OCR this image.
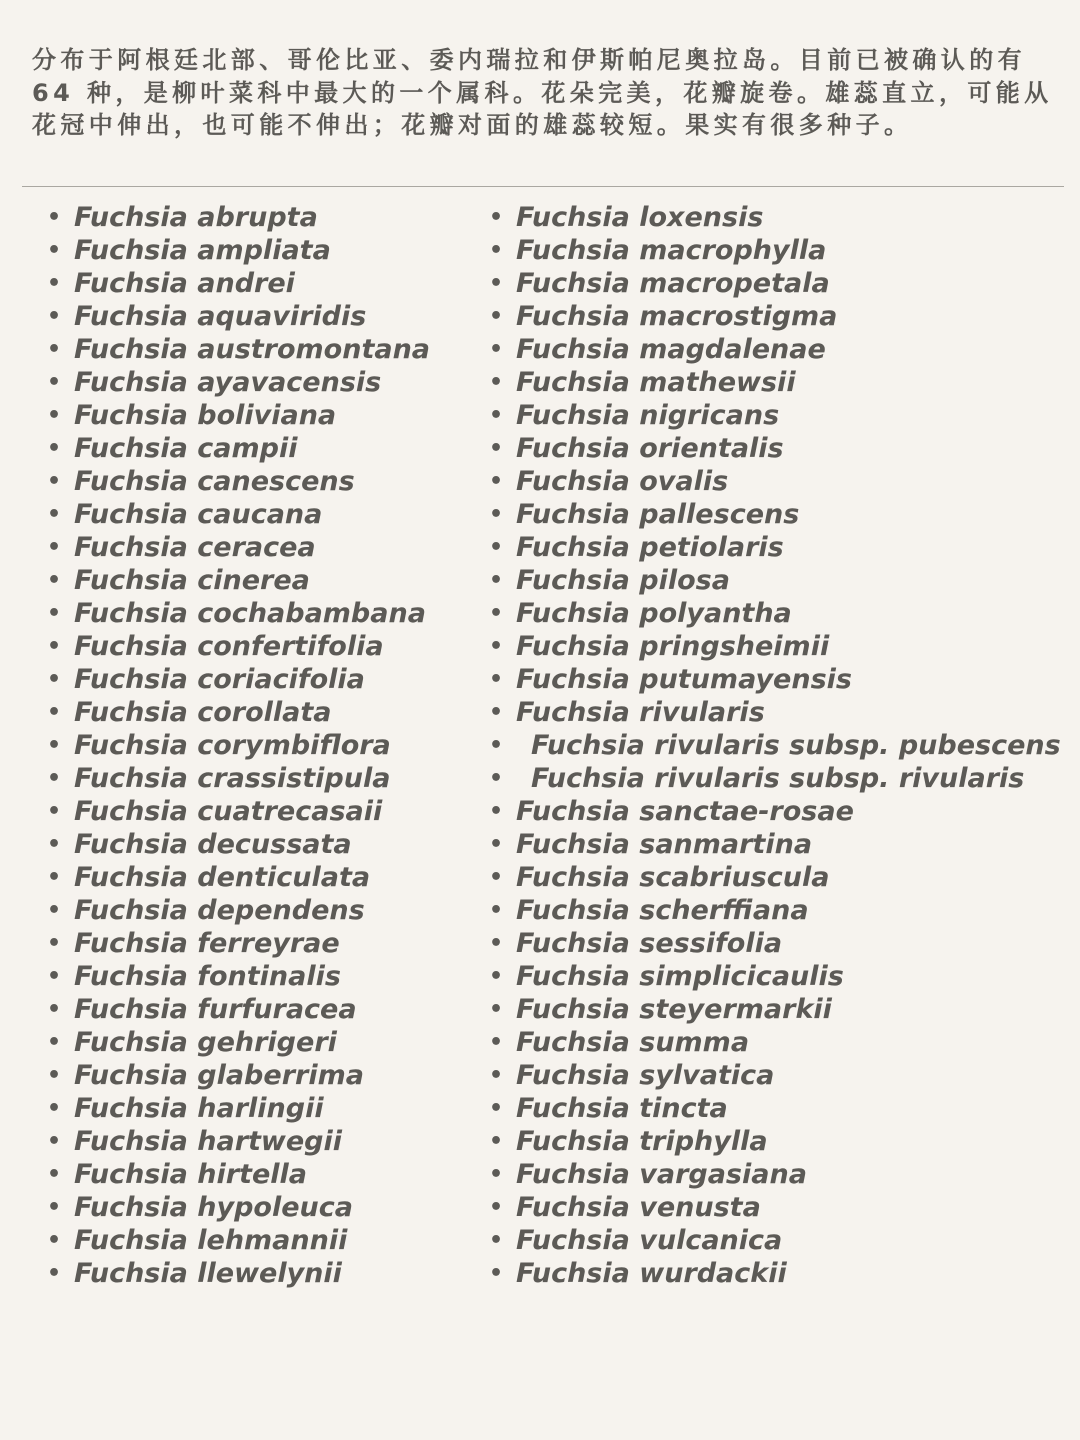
分布于阿根廷北部、哥伦比亚、委内瑞拉和伊斯帕尼奥拉岛。目前已被确认的有 64 种，是柳叶菜科中最大的一个属科。花朵完美，花瓣旋卷。雄蕊直立，可能从花冠中伸出，也可能不伸出；花瓣对面的雄蕊较短。果实有很多种子。

• Fuchsia abrupta
• Fuchsia ampliata
• Fuchsia andrei
• Fuchsia aquaviridis
• Fuchsia austromontana
• Fuchsia ayavacensis
• Fuchsia boliviana
• Fuchsia campii
• Fuchsia canescens
• Fuchsia caucana
• Fuchsia ceracea
• Fuchsia cinerea
• Fuchsia cochabambana
• Fuchsia confertifolia
• Fuchsia coriacifolia
• Fuchsia corollata
• Fuchsia corymbiflora
• Fuchsia crassistipula
• Fuchsia cuatrecasaii
• Fuchsia decussata
• Fuchsia denticulata
• Fuchsia dependens
• Fuchsia ferreyrae
• Fuchsia fontinalis
• Fuchsia furfuracea
• Fuchsia gehrigeri
• Fuchsia glaberrima
• Fuchsia harlingii
• Fuchsia hartwegii
• Fuchsia hirtella
• Fuchsia hypoleuca
• Fuchsia lehmannii
• Fuchsia llewelynii
• Fuchsia loxensis
• Fuchsia macrophylla
• Fuchsia macropetala
• Fuchsia macrostigma
• Fuchsia magdalenae
• Fuchsia mathewsii
• Fuchsia nigricans
• Fuchsia orientalis
• Fuchsia ovalis
• Fuchsia pallescens
• Fuchsia petiolaris
• Fuchsia pilosa
• Fuchsia polyantha
• Fuchsia pringsheimii
• Fuchsia putumayensis
• Fuchsia rivularis
• Fuchsia rivularis subsp. pubescens
• Fuchsia rivularis subsp. rivularis
• Fuchsia sanctae-rosae
• Fuchsia sanmartina
• Fuchsia scabriuscula
• Fuchsia scherffiana
• Fuchsia sessifolia
• Fuchsia simplicicaulis
• Fuchsia steyermarkii
• Fuchsia summa
• Fuchsia sylvatica
• Fuchsia tincta
• Fuchsia triphylla
• Fuchsia vargasiana
• Fuchsia venusta
• Fuchsia vulcanica
• Fuchsia wurdackii
